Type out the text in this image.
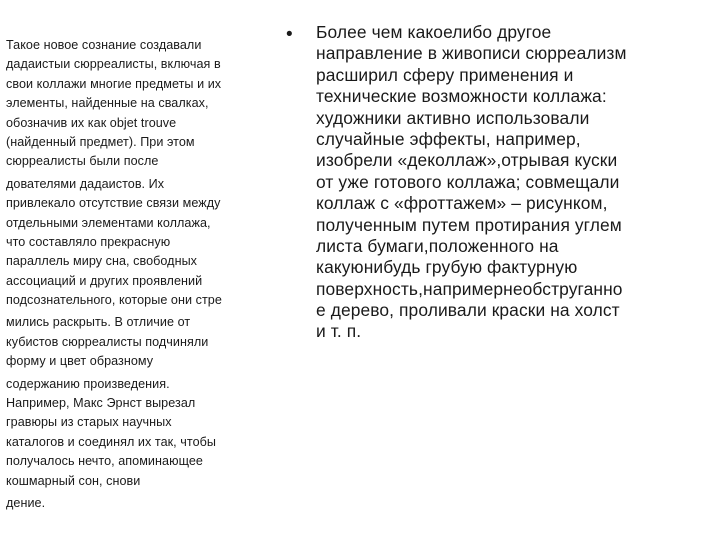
Такое новое сознание создавали
дадаистыи сюрреалисты, включая в
свои коллажи многие предметы и их
элементы, найденные на свалках,
обозначив их как objet trouve
(найденный предмет). При этом
сюрреалисты были после
дователями дадаистов. Их
привлекало отсутствие связи между
отдельными элементами коллажа,
что составляло прекрасную
параллель миру сна, свободных
ассоциаций и других проявлений
подсознательного, которые они стре
мились раскрыть. В отличие от
кубистов сюрреалисты подчиняли
форму и цвет образному
содержанию произведения.
Например, Макс Эрнст вырезал
гравюры из старых научных
каталогов и соединял их так, чтобы
получалось нечто, апоминающее
кошмарный сон, снови
дение.
• Более чем какоелибо другое
направление в живописи сюрреализм
расширил сферу применения и
технические возможности коллажа:
художники активно использовали
случайные эффекты, например,
изобрели «деколлаж»,отрывая куски
от уже готового коллажа; совмещали
коллаж с «фроттажем» – рисунком,
полученным путем протирания углем
листа бумаги,положенного на
какуюнибудь грубую фактурную
поверхность,напримернеобструганно
е дерево, проливали краски на холст
и т. п.
